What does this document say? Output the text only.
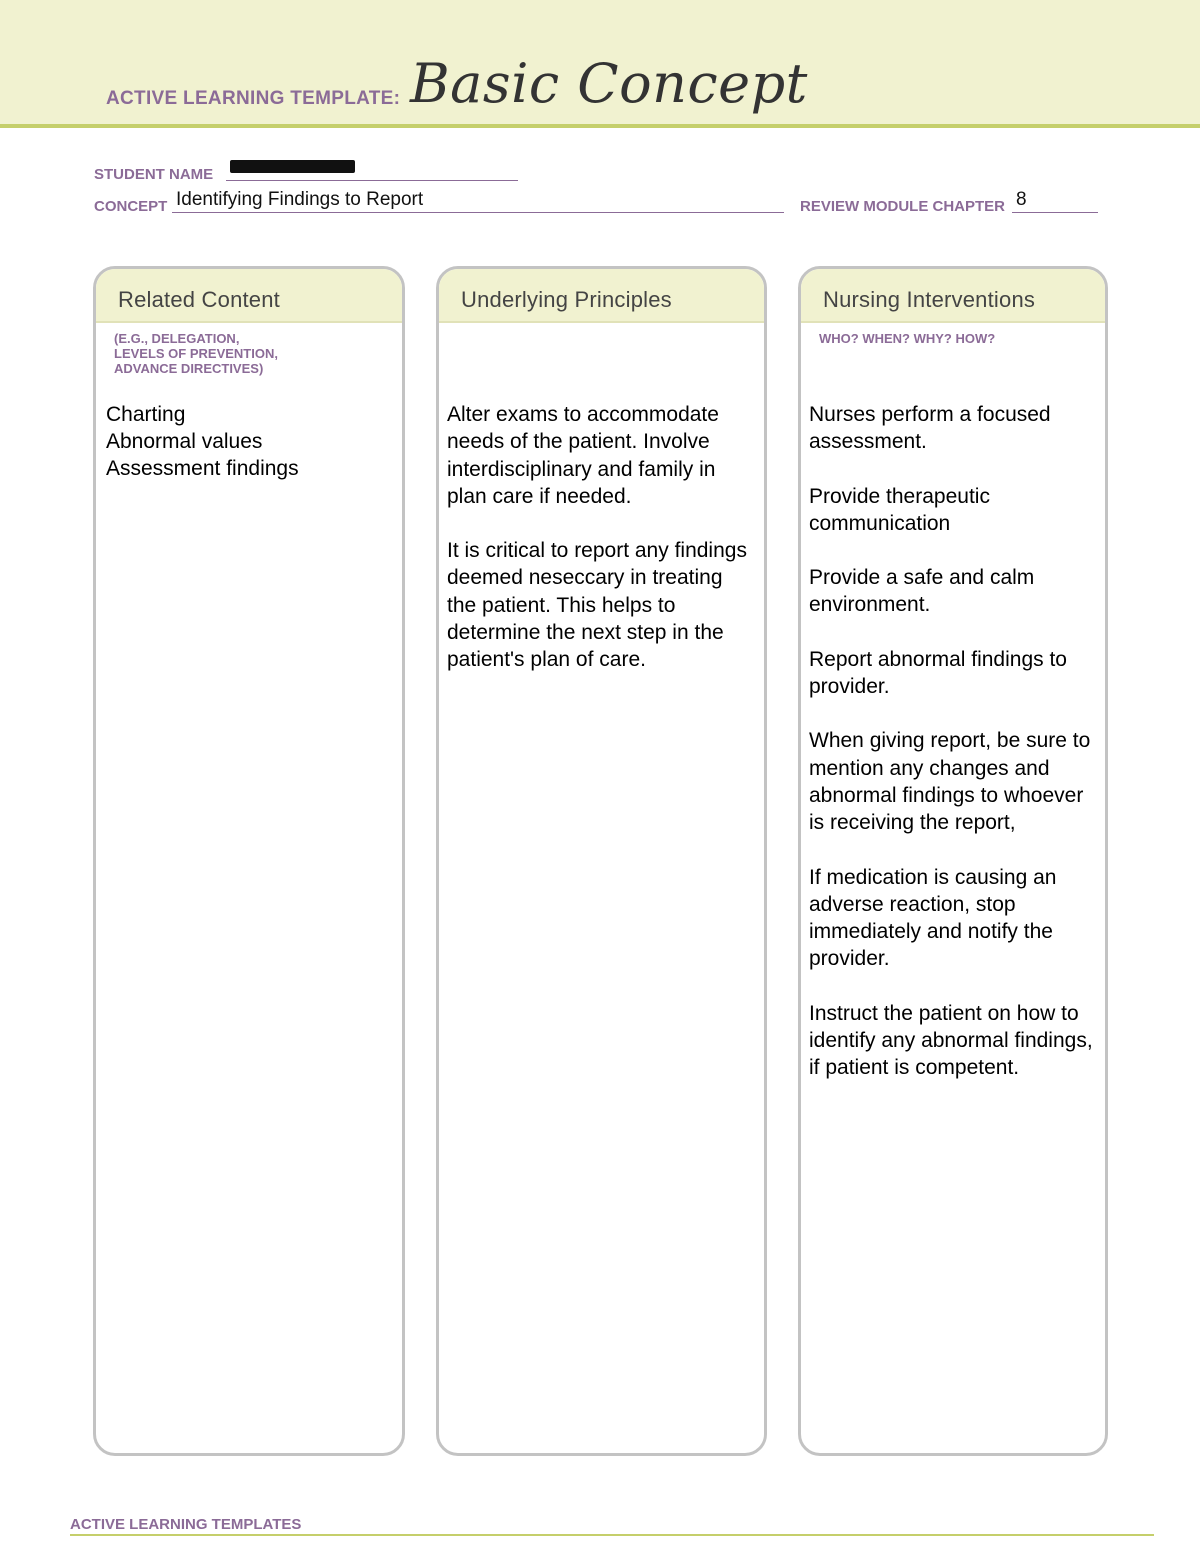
ACTIVE LEARNING TEMPLATE: Basic Concept
STUDENT NAME
CONCEPT Identifying Findings to Report	REVIEW MODULE CHAPTER 8
Related Content
(E.G., DELEGATION,
LEVELS OF PREVENTION,
ADVANCE DIRECTIVES)
Charting
Abnormal values
Assessment findings
Underlying Principles

Alter exams to accommodate needs of the patient. Involve interdisciplinary and family in plan care if needed.

It is critical to report any findings deemed neseccary in treating the patient. This helps to determine the next step in the patient's plan of care.

Nursing Interventions
WHO? WHEN? WHY? HOW?

Nurses perform a focused assessment.

Provide therapeutic communication

Provide a safe and calm environment.

Report abnormal findings to provider.

When giving report, be sure to mention any changes and abnormal findings to whoever is receiving the report,

If medication is causing an adverse reaction, stop immediately and notify the provider.

Instruct the patient on how to identify any abnormal findings, if patient is competent.

ACTIVE LEARNING TEMPLATES
